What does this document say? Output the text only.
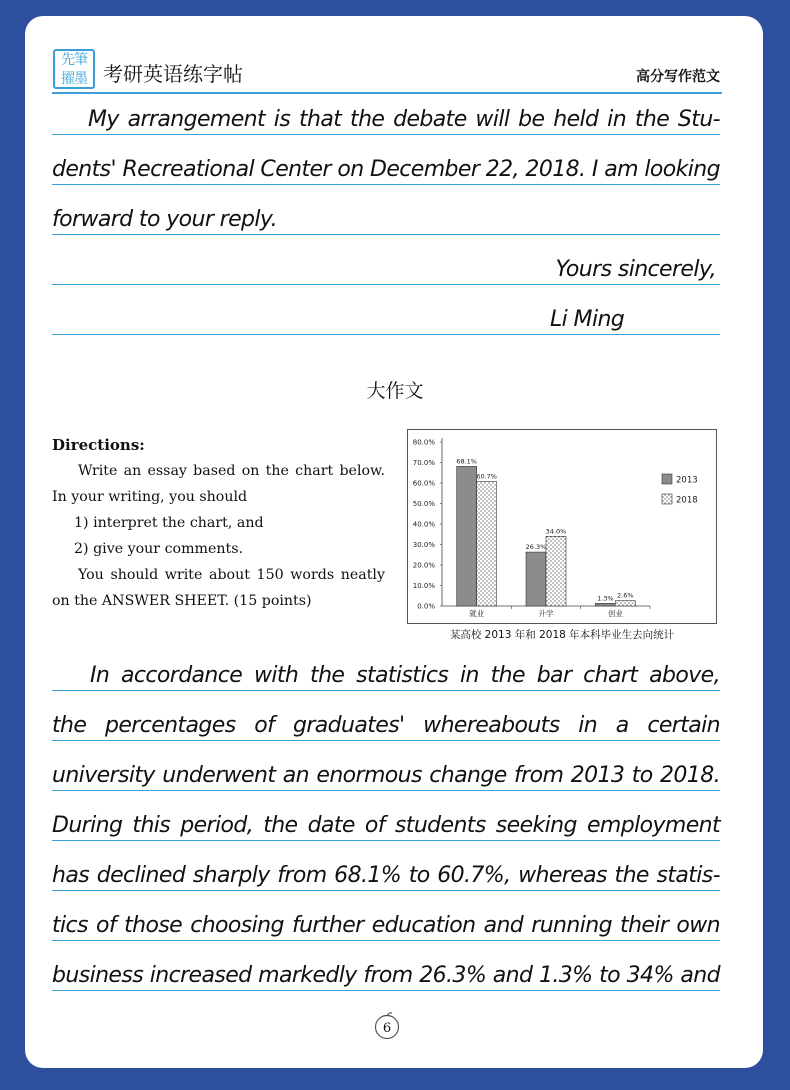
先筆
擢墨 考研英语练字帖	高分写作范文
My arrangement is that the debate will be held in the Stu-
dents' Recreational Center on December 22, 2018. I am looking
forward to your reply.
Yours sincerely,
Li Ming
大作文
Directions:

Write an essay based on the chart below.

In your writing, you should

1) interpret the chart, and

2) give your comments.

You should write about 150 words neatly

on the ANSWER SHEET. (15 points)	0.0%
10.0%
20.0%
30.0%
40.0%
50.0%
60.0%
70.0%
80.0%
68.1%
60.7%
就业
26.3%
34.0%
升学
1.3% 2.6%
创业
2013
2018
某高校 2013 年和 2018 年本科毕业生去向统计
In accordance with the statistics in the bar chart above,
the percentages of graduates' whereabouts in a certain
university underwent an enormous change from 2013 to 2018.
During this period, the date of students seeking employment
has declined sharply from 68.1% to 60.7%, whereas the statis-
tics of those choosing further education and running their own
business increased markedly from 26.3% and 1.3% to 34% and
6
